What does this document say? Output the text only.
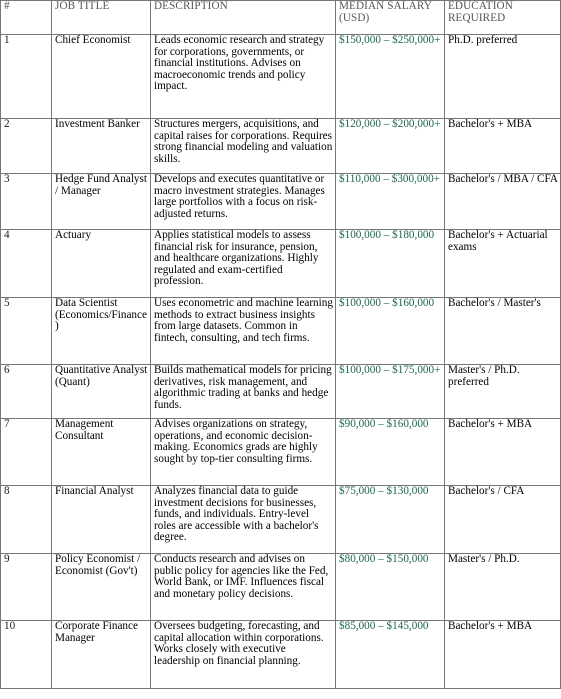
#	JOB TITLE	DESCRIPTION	MEDIAN SALARY (USD)	EDUCATION REQUIRED
1	Chief Economist	Leads economic research and strategy for corporations, governments, or financial institutions. Advises on macroeconomic trends and policy impact.	$150,000 – $250,000+	Ph.D. preferred
2	Investment Banker	Structures mergers, acquisitions, and capital raises for corporations. Requires strong financial modeling and valuation skills.	$120,000 – $200,000+	Bachelor's + MBA
3	Hedge Fund Analyst / Manager	Develops and executes quantitative or macro investment strategies. Manages large portfolios with a focus on risk-adjusted returns.	$110,000 – $300,000+	Bachelor's / MBA / CFA
4	Actuary	Applies statistical models to assess financial risk for insurance, pension, and healthcare organizations. Highly regulated and exam-certified profession.	$100,000 – $180,000	Bachelor's + Actuarial exams
5	Data Scientist (Economics/Finance)	Uses econometric and machine learning methods to extract business insights from large datasets. Common in fintech, consulting, and tech firms.	$100,000 – $160,000	Bachelor's / Master's
6	Quantitative Analyst (Quant)	Builds mathematical models for pricing derivatives, risk management, and algorithmic trading at banks and hedge funds.	$100,000 – $175,000+	Master's / Ph.D. preferred
7	Management Consultant	Advises organizations on strategy, operations, and economic decision-making. Economics grads are highly sought by top-tier consulting firms.	$90,000 – $160,000	Bachelor's + MBA
8	Financial Analyst	Analyzes financial data to guide investment decisions for businesses, funds, and individuals. Entry-level roles are accessible with a bachelor's degree.	$75,000 – $130,000	Bachelor's / CFA
9	Policy Economist / Economist (Gov't)	Conducts research and advises on public policy for agencies like the Fed, World Bank, or IMF. Influences fiscal and monetary policy decisions.	$80,000 – $150,000	Master's / Ph.D.
10	Corporate Finance Manager	Oversees budgeting, forecasting, and capital allocation within corporations. Works closely with executive leadership on financial planning.	$85,000 – $145,000	Bachelor's + MBA
